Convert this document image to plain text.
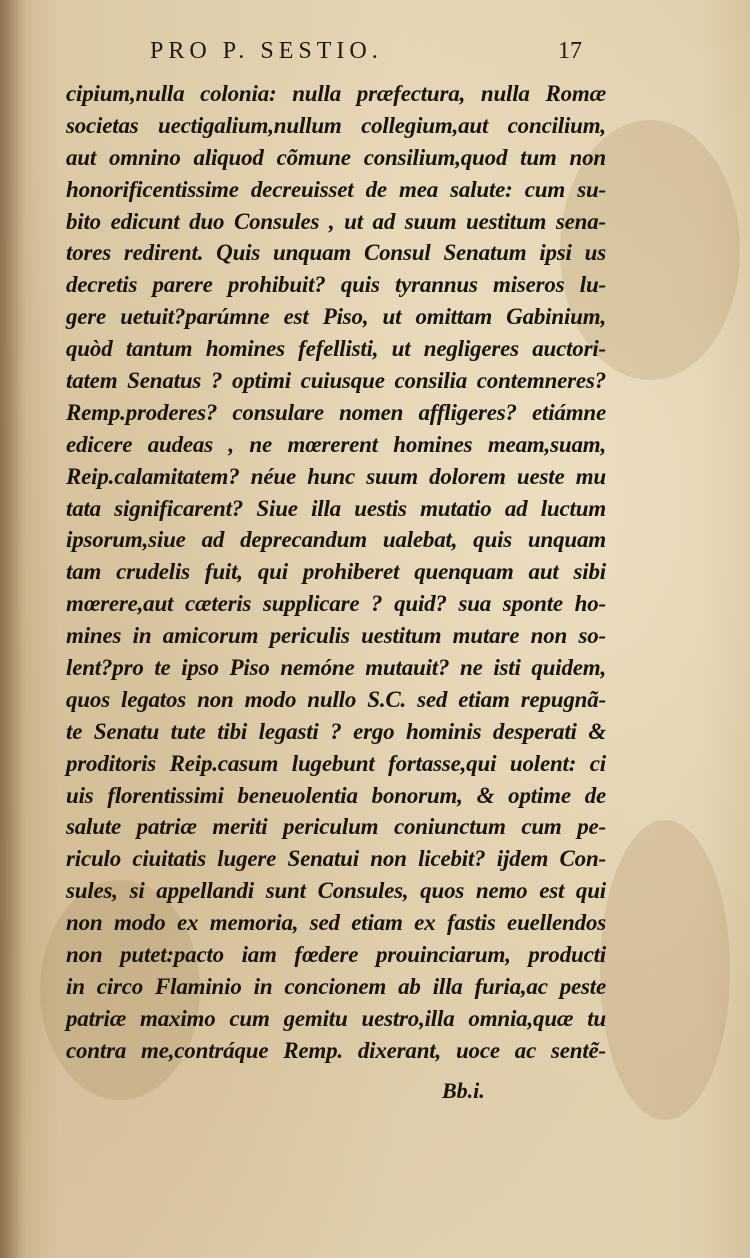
PRO P. SESTIO.	17
cipium,nulla colonia: nulla præfectura, nulla Romæ
societas uectigalium,nullum collegium,aut concilium,
aut omnino aliquod cõmune consilium,quod tum non
honorificentissime decreuisset de mea salute: cum su-
bito edicunt duo Consules , ut ad suum uestitum sena-
tores redirent. Quis unquam Consul Senatum ipsi us
decretis parere prohibuit? quis tyrannus miseros lu-
gere uetuit?parúmne est Piso, ut omittam Gabinium,
quòd tantum homines fefellisti, ut negligeres auctori-
tatem Senatus ? optimi cuiusque consilia contemneres?
Remp.proderes? consulare nomen affligeres? etiámne
edicere audeas , ne mœrerent homines meam,suam,
Reip.calamitatem? néue hunc suum dolorem ueste mu
tata significarent? Siue illa uestis mutatio ad luctum
ipsorum,siue ad deprecandum ualebat, quis unquam
tam crudelis fuit, qui prohiberet quenquam aut sibi
mœrere,aut cæteris supplicare ? quid? sua sponte ho-
mines in amicorum periculis uestitum mutare non so-
lent?pro te ipso Piso nemóne mutauit? ne isti quidem,
quos legatos non modo nullo S.C. sed etiam repugnã-
te Senatu tute tibi legasti ? ergo hominis desperati &
proditoris Reip.casum lugebunt fortasse,qui uolent: ci
uis florentissimi beneuolentia bonorum, & optime de
salute patriæ meriti periculum coniunctum cum pe-
riculo ciuitatis lugere Senatui non licebit? ijdem Con-
sules, si appellandi sunt Consules, quos nemo est qui
non modo ex memoria, sed etiam ex fastis euellendos
non putet:pacto iam fœdere prouinciarum, producti
in circo Flaminio in concionem ab illa furia,ac peste
patriæ maximo cum gemitu uestro,illa omnia,quæ tu
contra me,contráque Remp. dixerant, uoce ac sentẽ-
Bb.i.
